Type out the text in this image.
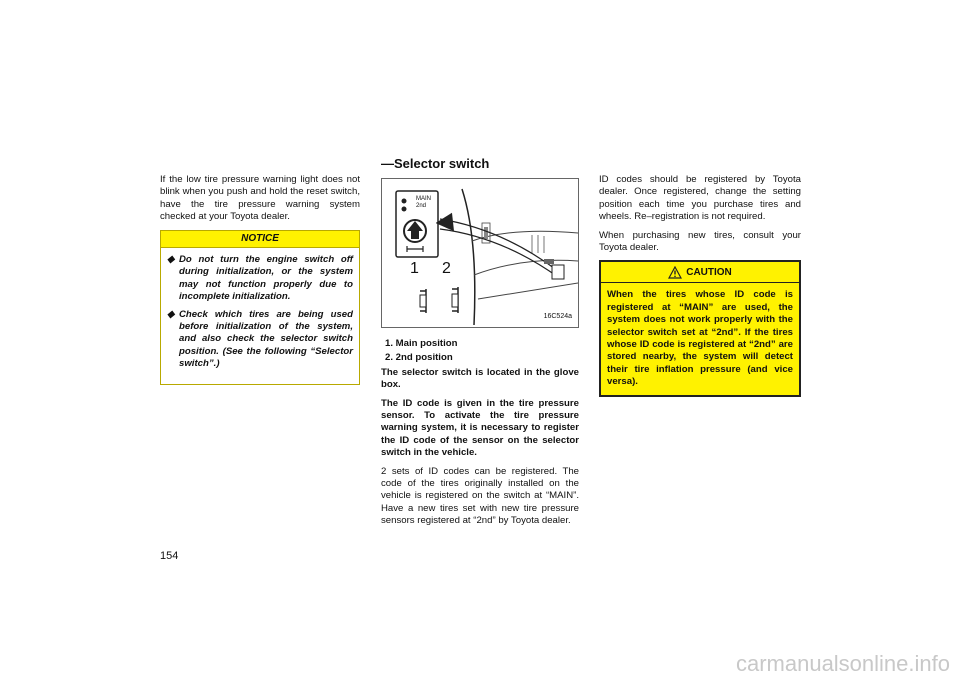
If the low tire pressure warning light does not blink when you push and hold the reset switch, have the tire pressure warning system checked at your Toyota dealer.

NOTICE
◆ Do not turn the engine switch off during initialization, or the system may not function properly due to incomplete initialization.
◆ Check which tires are being used before initialization of the system, and also check the selector switch position. (See the following “Selector switch”.)
—Selector switch
MAIN
2nd
1 2
16C524a
1. Main position
2. 2nd position

The selector switch is located in the glove box.

The ID code is given in the tire pressure sensor. To activate the tire pressure warning system, it is necessary to register the ID code of the sensor on the selector switch in the vehicle.

2 sets of ID codes can be registered. The code of the tires originally installed on the vehicle is registered on the switch at “MAIN”. Have a new tires set with new tire pressure sensors registered at “2nd” by Toyota dealer.

ID codes should be registered by Toyota dealer. Once registered, change the setting position each time you purchase tires and wheels. Re–registration is not required.

When purchasing new tires, consult your Toyota dealer.

CAUTION
When the tires whose ID code is registered at “MAIN” are used, the system does not work properly with the selector switch set at “2nd”. If the tires whose ID code is registered at “2nd” are stored nearby, the system will detect their tire inflation pressure (and vice versa).
154
carmanualsonline.info
